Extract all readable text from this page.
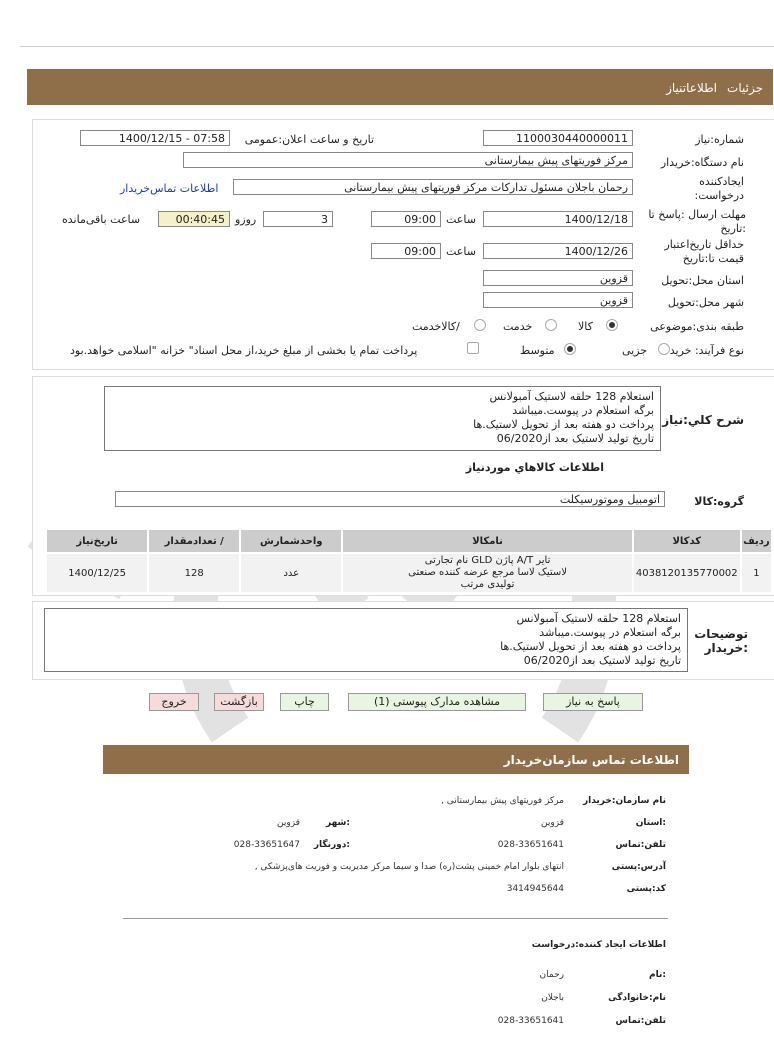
جزئیات
اطلاعاتنیاز
شماره:نیاز
1100030440000011
تاریخ و ساعت اعلان:عمومی
1400/12/15 - 07:58
نام دستگاه:خریدار
مرکز فوریتهای پیش بیمارستانی
ایجادکننده
درخواست:
رحمان باجلان مسئول تداركات مرکز فوریتهای پیش بیمارستانی
اطلاعات تماس‌خریدار
مهلت ارسال :پاسخ تا
:تاریخ
1400/12/18
ساعت
09:00
3
روزو
00:40:45
ساعت باقی‌مانده
حداقل تاریخ‌اعتبار
قیمت تا:تاریخ
1400/12/26
ساعت
09:00
استان محل:تحویل
قزوین
شهر محل:تحویل
قزوین
طبقه بندی:موضوعی
کالا
خدمت
/کالاخدمت
نوع فرآیند: خرید
جزیی
متوسط
پرداخت تمام یا بخشی از مبلغ خرید،از محل اسناد" خزانه "اسلامی خواهد.بود
شرح کلي:نياز
استعلام 128 حلقه لاستیک آمبولانس
برگه استعلام در پیوست.میباشد
پرداخت دو هفته بعد از تحویل لاستیک.ها
تاریخ تولید لاستیک بعد از06/2020
اطلاعات كالاهاي موردنياز
گروه:کالا
اتومبیل وموتورسیکلت
ردیف	کدکالا	نامکالا	واحدشمارش	/ تعدادمقدار	تاریخ‌نیاز
1	4038120135770002	تایر A/T پاژن GLD نام تجارتی
لاستیک لاسا مرجع عرضه کننده صنعتی
تولیدی مرتب	عدد	128	1400/12/25
توضیحات
:خریدار
استعلام 128 حلقه لاستیک آمبولانس
برگه استعلام در پیوست.میباشد
پرداخت دو هفته بعد از تحویل لاستیک.ها
تاریخ تولید لاستیک بعد از06/2020
پاسخ به نیاز
مشاهده مدارک پیوستی (1)
چاپ
بازگشت
خروج
اطلاعات تماس سازمان‌خریدار
نام سازمان:خریدار
مرکز فوریتهای پیش بیمارستانی ,
:استان
قزوین
:شهر
قزوین
تلفن:تماس
028-33651641
:دورنگار
028-33651647
آدرس:پستی
انتهای بلوار امام خمینی پشت(ره) صدا و سیما مرکز مدیریت و فوریت های‌پزشکی ,
کد:پستی
3414945644
اطلاعات ایجاد کننده:درخواست
:نام
رحمان
نام:خانوادگی
باجلان
تلفن:تماس
028-33651641
